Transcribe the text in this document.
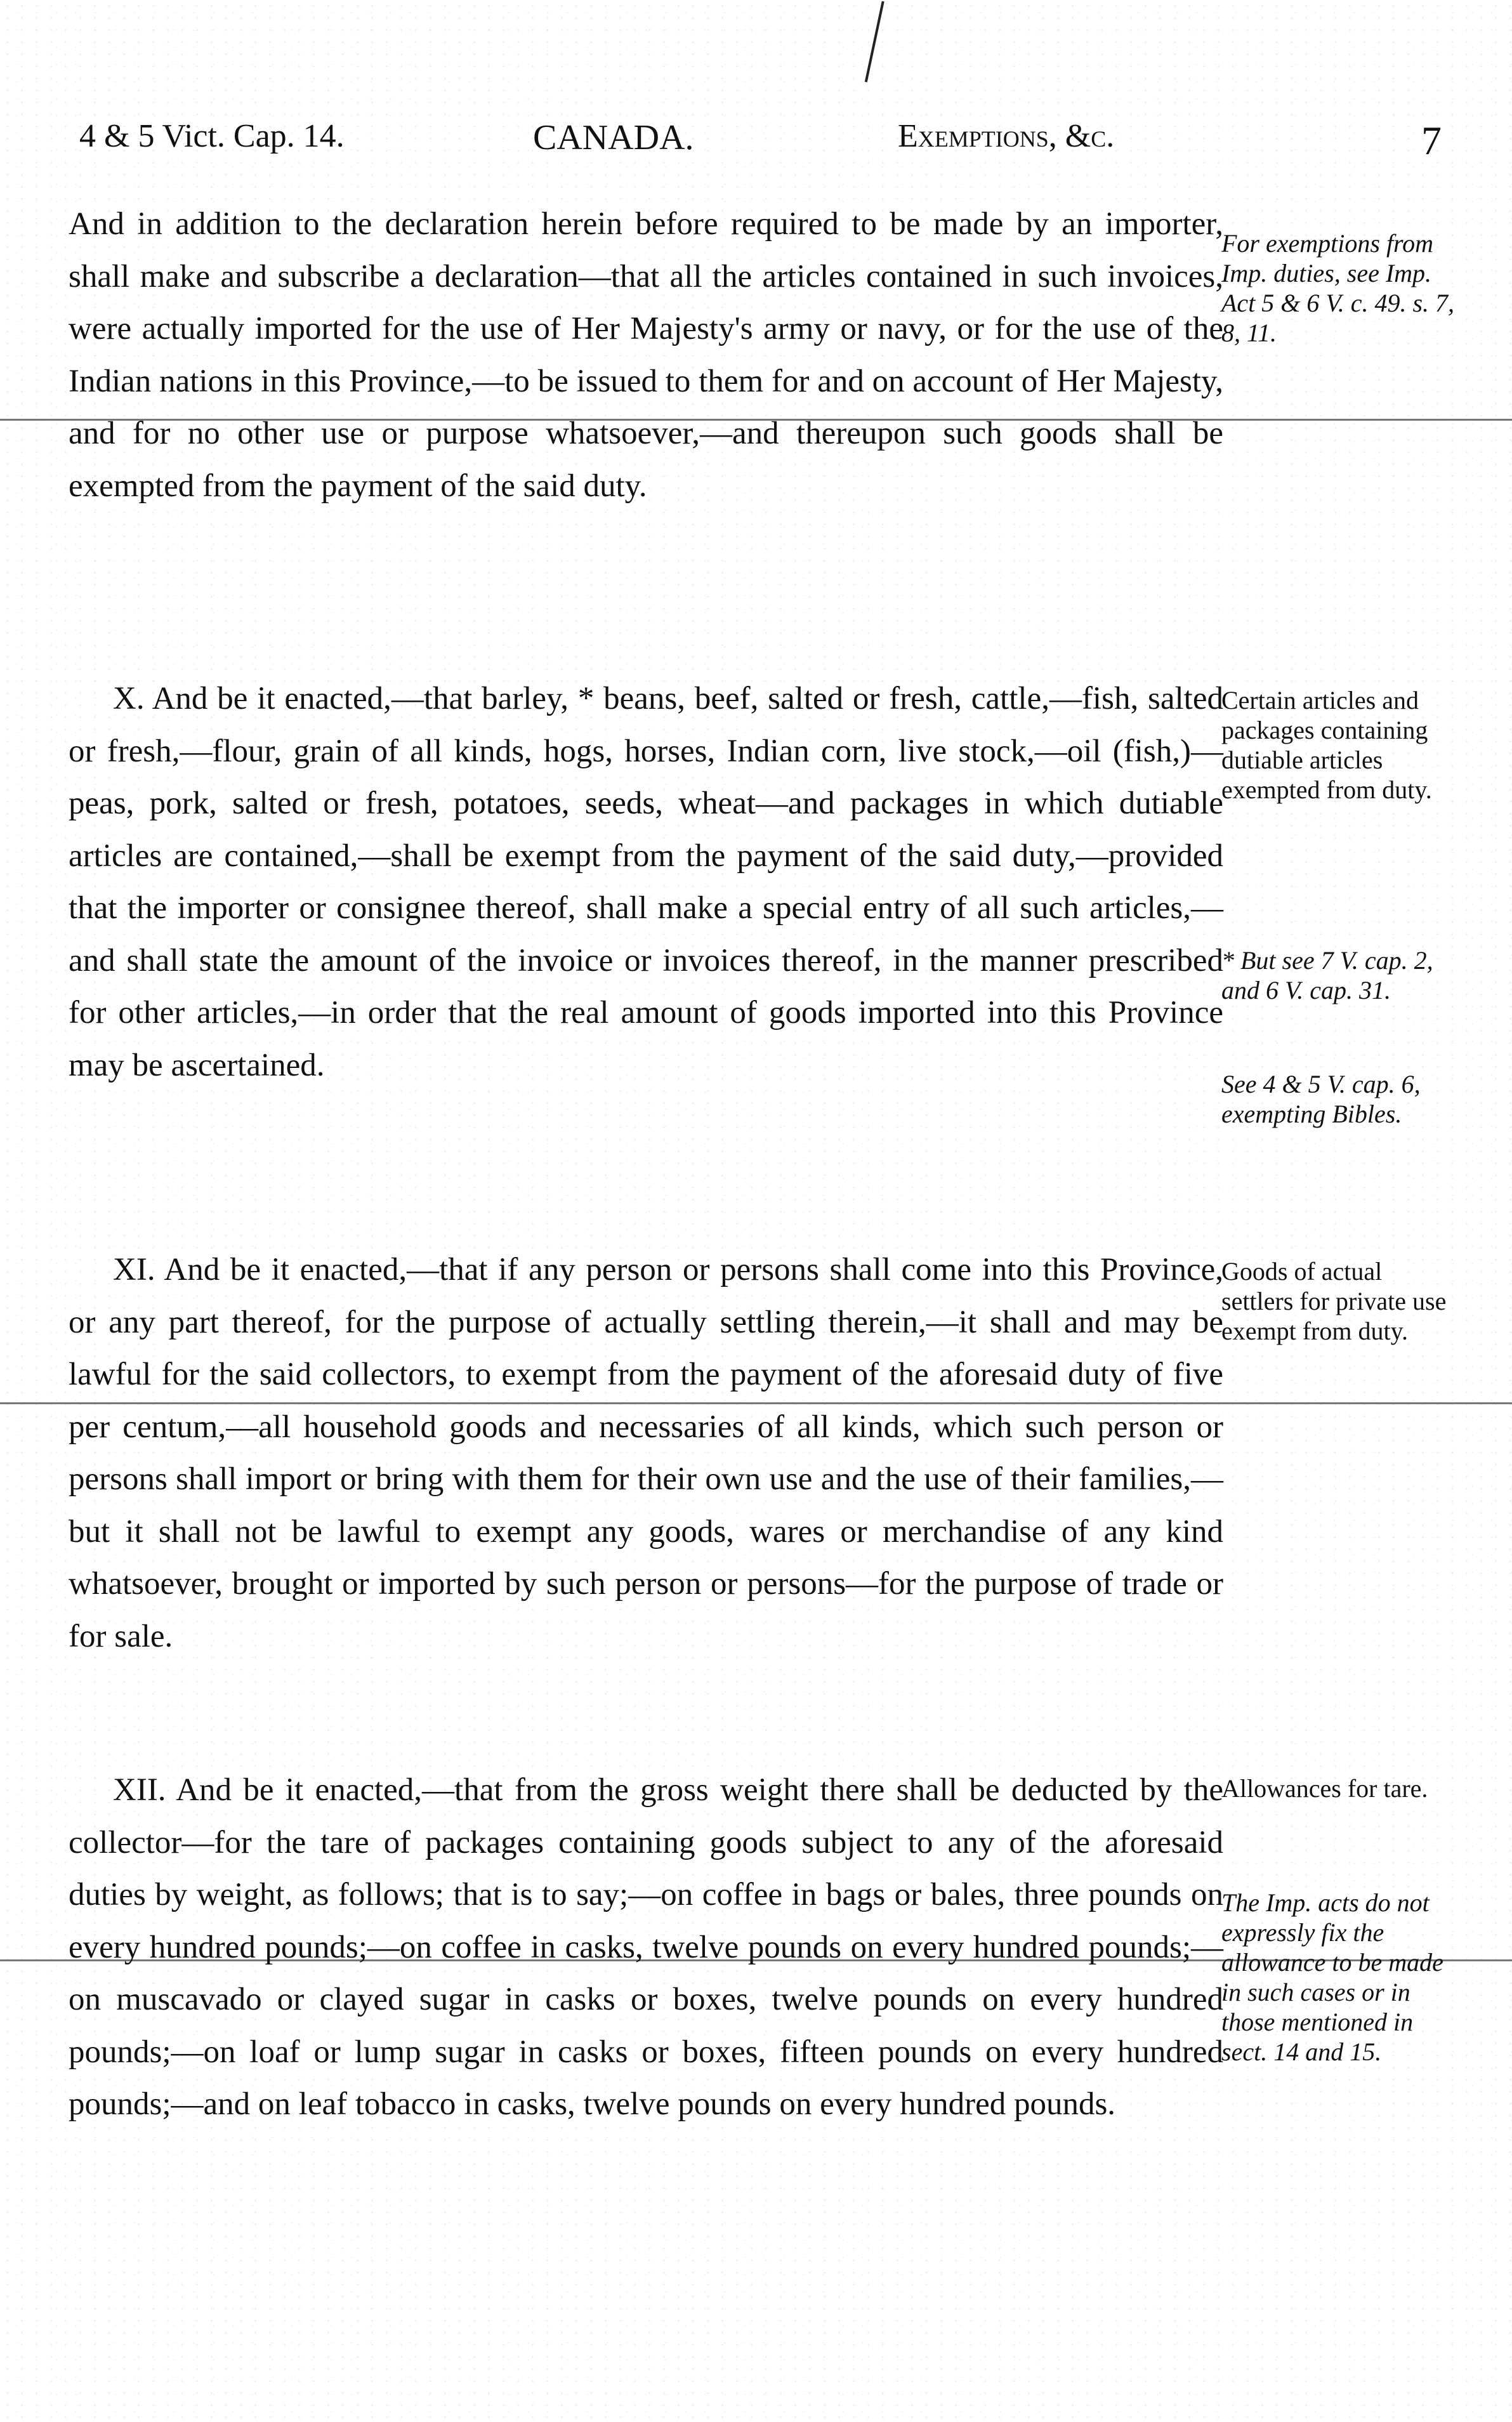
4 & 5 Vict. Cap. 14.	CANADA.	Exemptions, &c.	7

And in addition to the declaration herein before required to be made by an importer, shall make and subscribe a declaration—that all the articles contained in such invoices, were actually imported for the use of Her Majesty's army or navy, or for the use of the Indian nations in this Province,—to be issued to them for and on account of Her Majesty, and for no other use or purpose whatsoever,—and thereupon such goods shall be exempted from the payment of the said duty.

X. And be it enacted,—that barley, * beans, beef, salted or fresh, cattle,—fish, salted or fresh,—flour, grain of all kinds, hogs, horses, Indian corn, live stock,—oil (fish,)—peas, pork, salted or fresh, potatoes, seeds, wheat—and packages in which dutiable articles are contained,—shall be exempt from the payment of the said duty,—provided that the importer or consignee thereof, shall make a special entry of all such articles,—and shall state the amount of the invoice or invoices thereof, in the manner prescribed for other articles,—in order that the real amount of goods imported into this Province may be ascertained.

XI. And be it enacted,—that if any person or persons shall come into this Province, or any part thereof, for the purpose of actually settling therein,—it shall and may be lawful for the said collectors, to exempt from the payment of the aforesaid duty of five per centum,—all household goods and necessaries of all kinds, which such person or persons shall import or bring with them for their own use and the use of their families,—but it shall not be lawful to exempt any goods, wares or merchandise of any kind whatsoever, brought or imported by such person or persons—for the purpose of trade or for sale.

XII. And be it enacted,—that from the gross weight there shall be deducted by the collector—for the tare of packages containing goods subject to any of the aforesaid duties by weight, as follows; that is to say;—on coffee in bags or bales, three pounds on every hundred pounds;—on coffee in casks, twelve pounds on every hundred pounds;—on muscavado or clayed sugar in casks or boxes, twelve pounds on every hundred pounds;—on loaf or lump sugar in casks or boxes, fifteen pounds on every hundred pounds;—and on leaf tobacco in casks, twelve pounds on every hundred pounds.

For exemptions from Imp. duties, see Imp. Act 5 & 6 V. c. 49. s. 7, 8, 11.

Certain articles and packages containing dutiable articles exempted from duty.

* But see 7 V. cap. 2, and 6 V. cap. 31.

See 4 & 5 V. cap. 6, exempting Bibles.

Goods of actual settlers for private use exempt from duty.

Allowances for tare.

The Imp. acts do not expressly fix the allowance to be made in such cases or in those mentioned in sect. 14 and 15.
